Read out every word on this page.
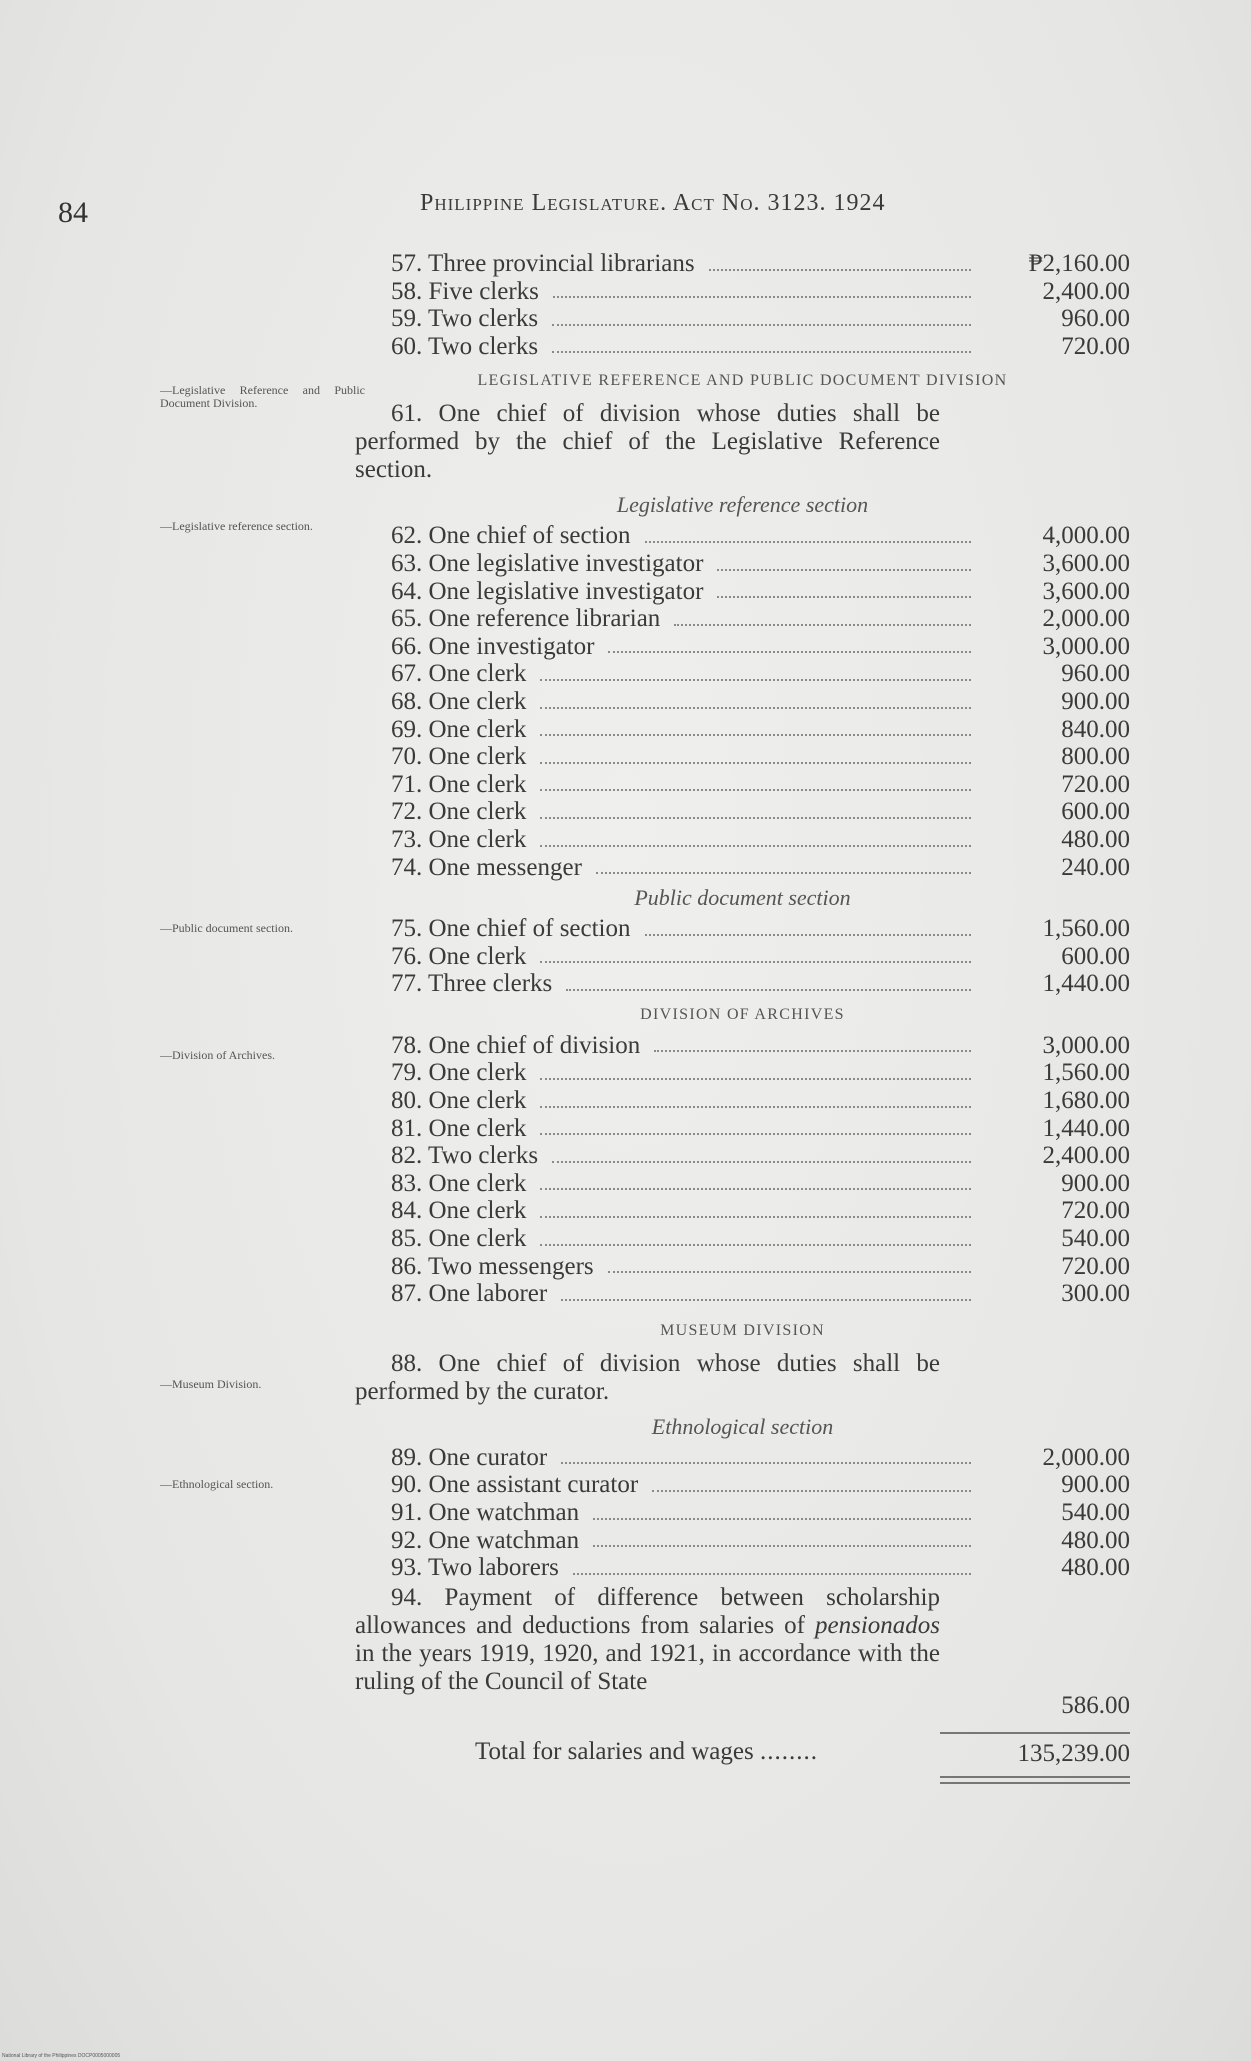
84	Philippine Legislature. Act No. 3123. 1924
—Legislative Reference and Public Document Division.
—Legislative reference section.
—Public document section.
—Division of Archives.
—Museum Division.
—Ethnological section.
57. Three provincial librarians	₱2,160.00
58. Five clerks	2,400.00
59. Two clerks	960.00
60. Two clerks	720.00
LEGISLATIVE REFERENCE AND PUBLIC DOCUMENT DIVISION
61. One chief of division whose duties shall be performed by the chief of the Legislative Reference section.
Legislative reference section
62. One chief of section	4,000.00
63. One legislative investigator	3,600.00
64. One legislative investigator	3,600.00
65. One reference librarian	2,000.00
66. One investigator	3,000.00
67. One clerk	960.00
68. One clerk	900.00
69. One clerk	840.00
70. One clerk	800.00
71. One clerk	720.00
72. One clerk	600.00
73. One clerk	480.00
74. One messenger	240.00
Public document section
75. One chief of section	1,560.00
76. One clerk	600.00
77. Three clerks	1,440.00
DIVISION OF ARCHIVES
78. One chief of division	3,000.00
79. One clerk	1,560.00
80. One clerk	1,680.00
81. One clerk	1,440.00
82. Two clerks	2,400.00
83. One clerk	900.00
84. One clerk	720.00
85. One clerk	540.00
86. Two messengers	720.00
87. One laborer	300.00
MUSEUM DIVISION
88. One chief of division whose duties shall be performed by the curator.
Ethnological section
89. One curator	2,000.00
90. One assistant curator	900.00
91. One watchman	540.00
92. One watchman	480.00
93. Two laborers	480.00
94. Payment of difference between scholarship allowances and deductions from salaries of pensionados in the years 1919, 1920, and 1921, in accordance with the ruling of the Council of State
586.00
Total for salaries and wages ........	135,239.00
National Library of the Philippines DOCP0005000005
